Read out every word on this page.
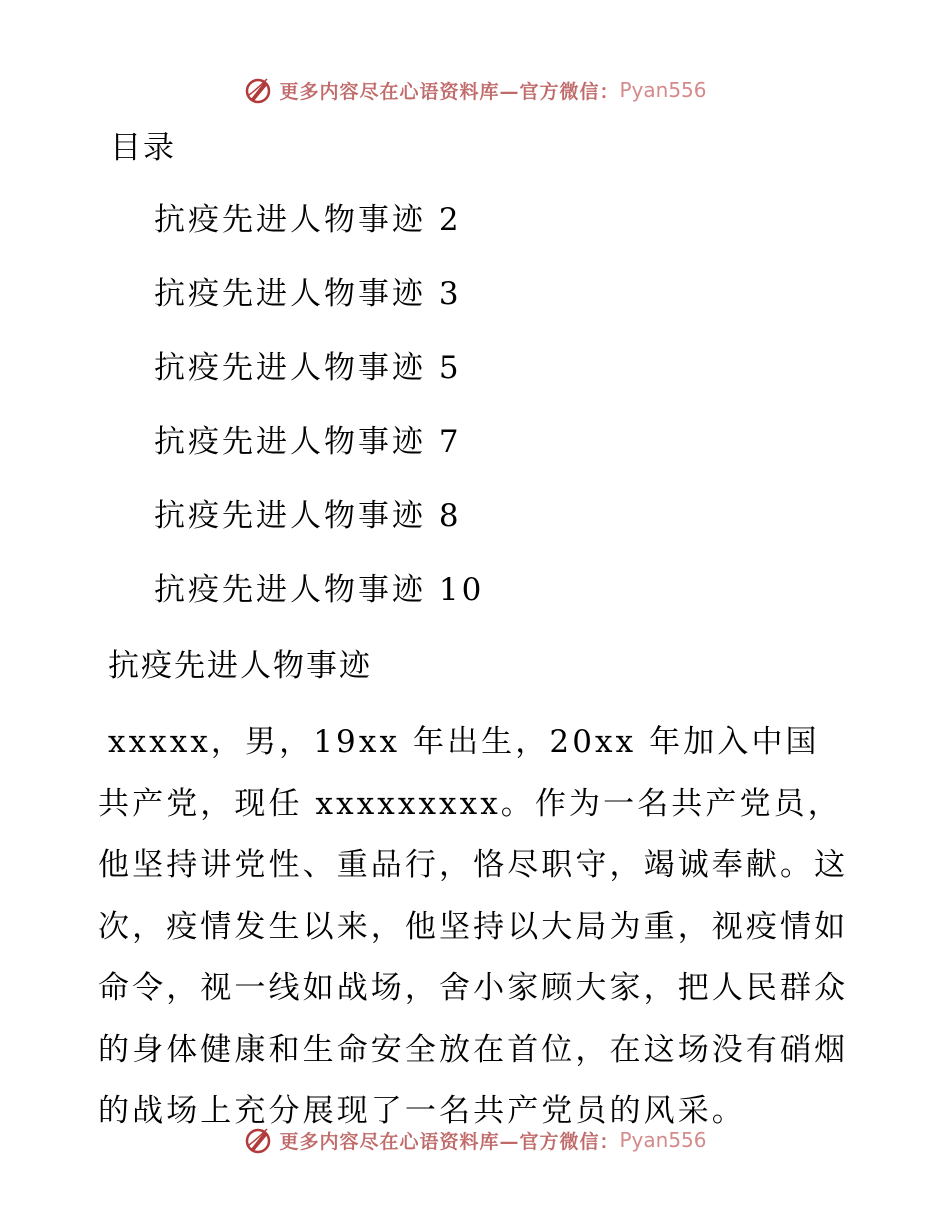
更多内容尽在心语资料库—官方微信： Pyan556
目录
抗疫先进人物事迹 2
抗疫先进人物事迹 3
抗疫先进人物事迹 5
抗疫先进人物事迹 7
抗疫先进人物事迹 8
抗疫先进人物事迹 10
抗疫先进人物事迹

xxxxx，男，19xx 年出生，20xx 年加入中国共产党，现任 xxxxxxxxx。作为一名共产党员，他坚持讲党性、重品行，恪尽职守，竭诚奉献。这次，疫情发生以来，他坚持以大局为重，视疫情如命令，视一线如战场，舍小家顾大家，把人民群众的身体健康和生命安全放在首位，在这场没有硝烟的战场上充分展现了一名共产党员的风采。

更多内容尽在心语资料库—官方微信： Pyan556
